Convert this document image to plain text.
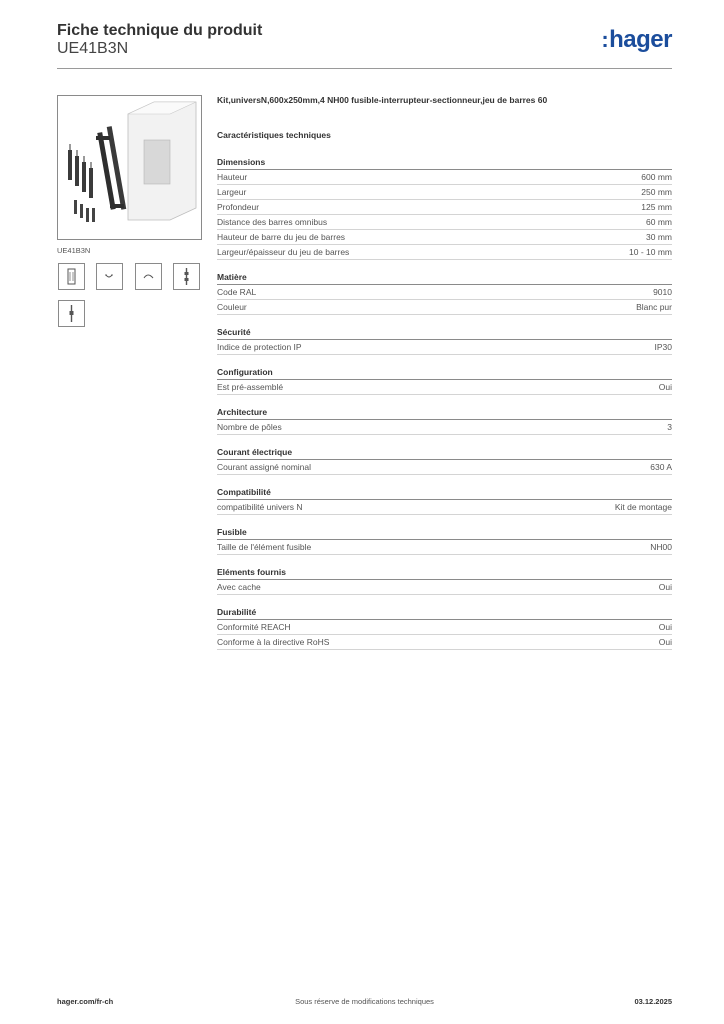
Fiche technique du produit
UE41B3N	:hager
UE41B3N
Kit,universN,600x250mm,4 NH00 fusible-interrupteur-sectionneur,jeu de barres 60
Caractéristiques techniques
Dimensions
Hauteur	600 mm
Largeur	250 mm
Profondeur	125 mm
Distance des barres omnibus	60 mm
Hauteur de barre du jeu de barres	30 mm
Largeur/épaisseur du jeu de barres	10 - 10 mm
Matière
Code RAL	9010
Couleur	Blanc pur
Sécurité
Indice de protection IP	IP30
Configuration
Est pré-assemblé	Oui
Architecture
Nombre de pôles	3
Courant électrique
Courant assigné nominal	630 A
Compatibilité
compatibilité univers N	Kit de montage
Fusible
Taille de l'élément fusible	NH00
Eléments fournis
Avec cache	Oui
Durabilité
Conformité REACH	Oui
Conforme à la directive RoHS	Oui
hager.com/fr-ch	Sous réserve de modifications techniques	03.12.2025
